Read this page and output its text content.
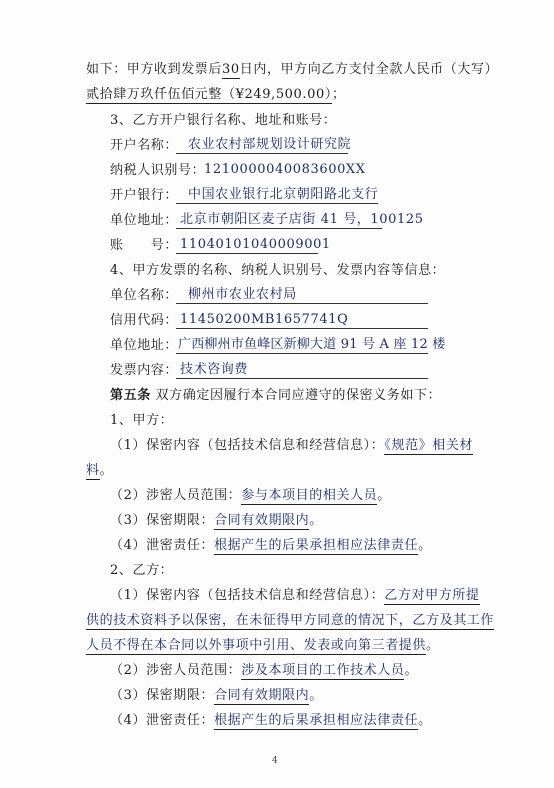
如下：甲方收到发票后30日内，甲方向乙方支付全款人民币（大写）
贰拾肆万玖仟伍佰元整（¥249,500.00）；
3、乙方开户银行名称、地址和账号：
开户名称： 农业农村部规划设计研究院
纳税人识别号：
1210000040083600XX
开户银行： 中国农业银行北京朝阳路北支行
单位地址： 北京市朝阳区麦子店街 41 号，100125
账　　号： 11040101040009001
4、甲方发票的名称、纳税人识别号、发票内容等信息：
单位名称： 柳州市农业农村局
信用代码： 11450200MB1657741Q
单位地址： 广西柳州市鱼峰区新柳大道 91 号 A 座 12 楼
发票内容： 技术咨询费
第五条 双方确定因履行本合同应遵守的保密义务如下：
1、甲方：
（1）保密内容（包括技术信息和经营信息）：《规范》相关材
料。
（2）涉密人员范围：参与本项目的相关人员。
（3）保密期限：合同有效期限内。
（4）泄密责任：根据产生的后果承担相应法律责任。
2、乙方：
（1）保密内容（包括技术信息和经营信息）：乙方对甲方所提
供的技术资料予以保密，在未征得甲方同意的情况下，乙方及其工作
人员不得在本合同以外事项中引用、发表或向第三者提供。
（2）涉密人员范围：涉及本项目的工作技术人员。
（3）保密期限：合同有效期限内。
（4）泄密责任：根据产生的后果承担相应法律责任。
4
